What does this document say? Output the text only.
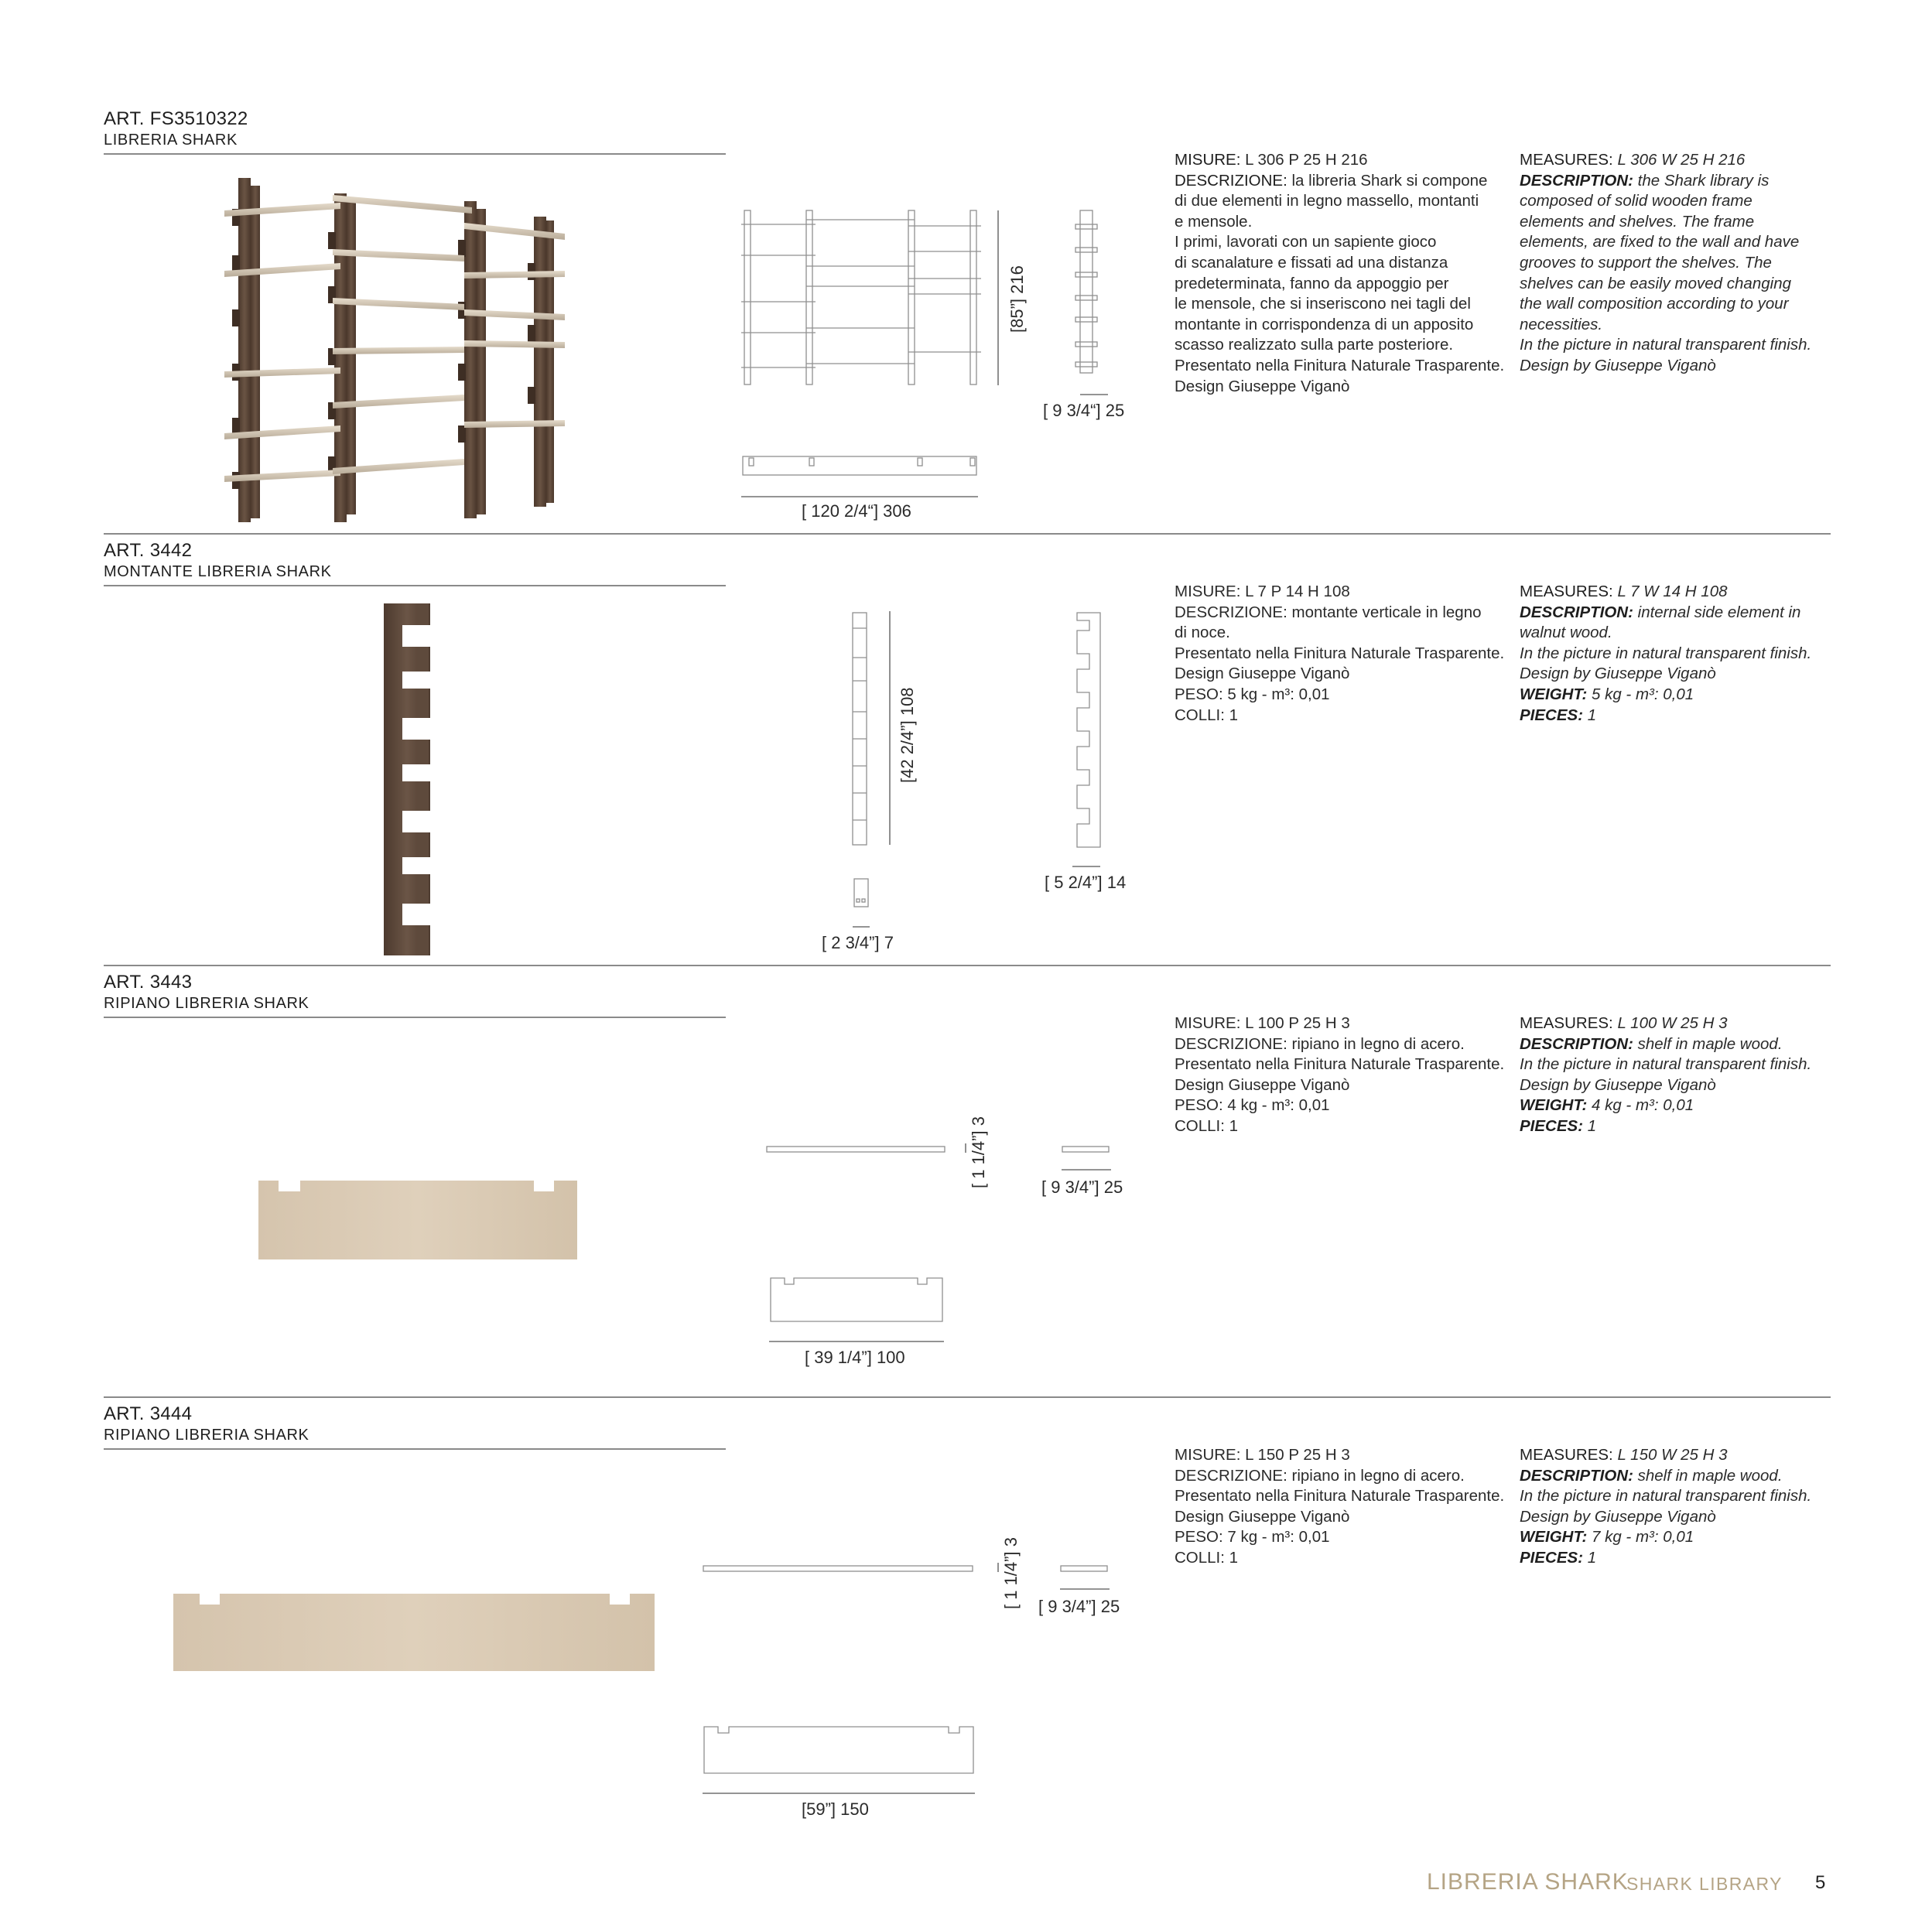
ART. FS3510322
LIBRERIA SHARK
[85”] 216
[ 9 3/4“] 25
[ 120 2/4“] 306
MISURE: L 306 P 25 H 216
DESCRIZIONE: la libreria Shark si compone
di due elementi in legno massello, montanti
e mensole.
I primi, lavorati con un sapiente gioco
di scanalature e fissati ad una distanza
predeterminata, fanno da appoggio per
le mensole, che si inseriscono nei tagli del
montante in corrispondenza di un apposito
scasso realizzato sulla parte posteriore.
Presentato nella Finitura Naturale Trasparente.
Design Giuseppe Viganò
MEASURES: L 306 W 25 H 216
DESCRIPTION: the Shark library is
composed of solid wooden frame
elements and shelves. The frame
elements, are fixed to the wall and have
grooves to support the shelves. The
shelves can be easily moved changing
the wall composition according to your
necessities.
In the picture in natural transparent finish.
Design by Giuseppe Viganò
ART. 3442
MONTANTE LIBRERIA SHARK
[42 2/4”] 108
[ 5 2/4”] 14
[ 2 3/4”] 7
MISURE: L 7 P 14 H 108
DESCRIZIONE: montante verticale in legno
di noce.
Presentato nella Finitura Naturale Trasparente.
Design Giuseppe Viganò
PESO: 5 kg - m³: 0,01
COLLI: 1
MEASURES: L 7 W 14 H 108
DESCRIPTION: internal side element in
walnut wood.
In the picture in natural transparent finish.
Design by Giuseppe Viganò
WEIGHT: 5 kg - m³: 0,01
PIECES: 1
ART. 3443
RIPIANO LIBRERIA SHARK
[ 1 1/4”] 3	[ 9 3/4”] 25
[ 39 1/4”] 100
MISURE: L 100 P 25 H 3
DESCRIZIONE: ripiano in legno di acero.
Presentato nella Finitura Naturale Trasparente.
Design Giuseppe Viganò
PESO: 4 kg - m³: 0,01
COLLI: 1
MEASURES: L 100 W 25 H 3
DESCRIPTION: shelf in maple wood.
In the picture in natural transparent finish.
Design by Giuseppe Viganò
WEIGHT: 4 kg - m³: 0,01
PIECES: 1
ART. 3444
RIPIANO LIBRERIA SHARK
[ 1 1/4”] 3 [ 9 3/4”] 25
[59”] 150
MISURE: L 150 P 25 H 3
DESCRIZIONE: ripiano in legno di acero.
Presentato nella Finitura Naturale Trasparente.
Design Giuseppe Viganò
PESO: 7 kg - m³: 0,01
COLLI: 1
MEASURES: L 150 W 25 H 3
DESCRIPTION: shelf in maple wood.
In the picture in natural transparent finish.
Design by Giuseppe Viganò
WEIGHT: 7 kg - m³: 0,01
PIECES: 1
LIBRERIA SHARK
SHARK LIBRARY 5
